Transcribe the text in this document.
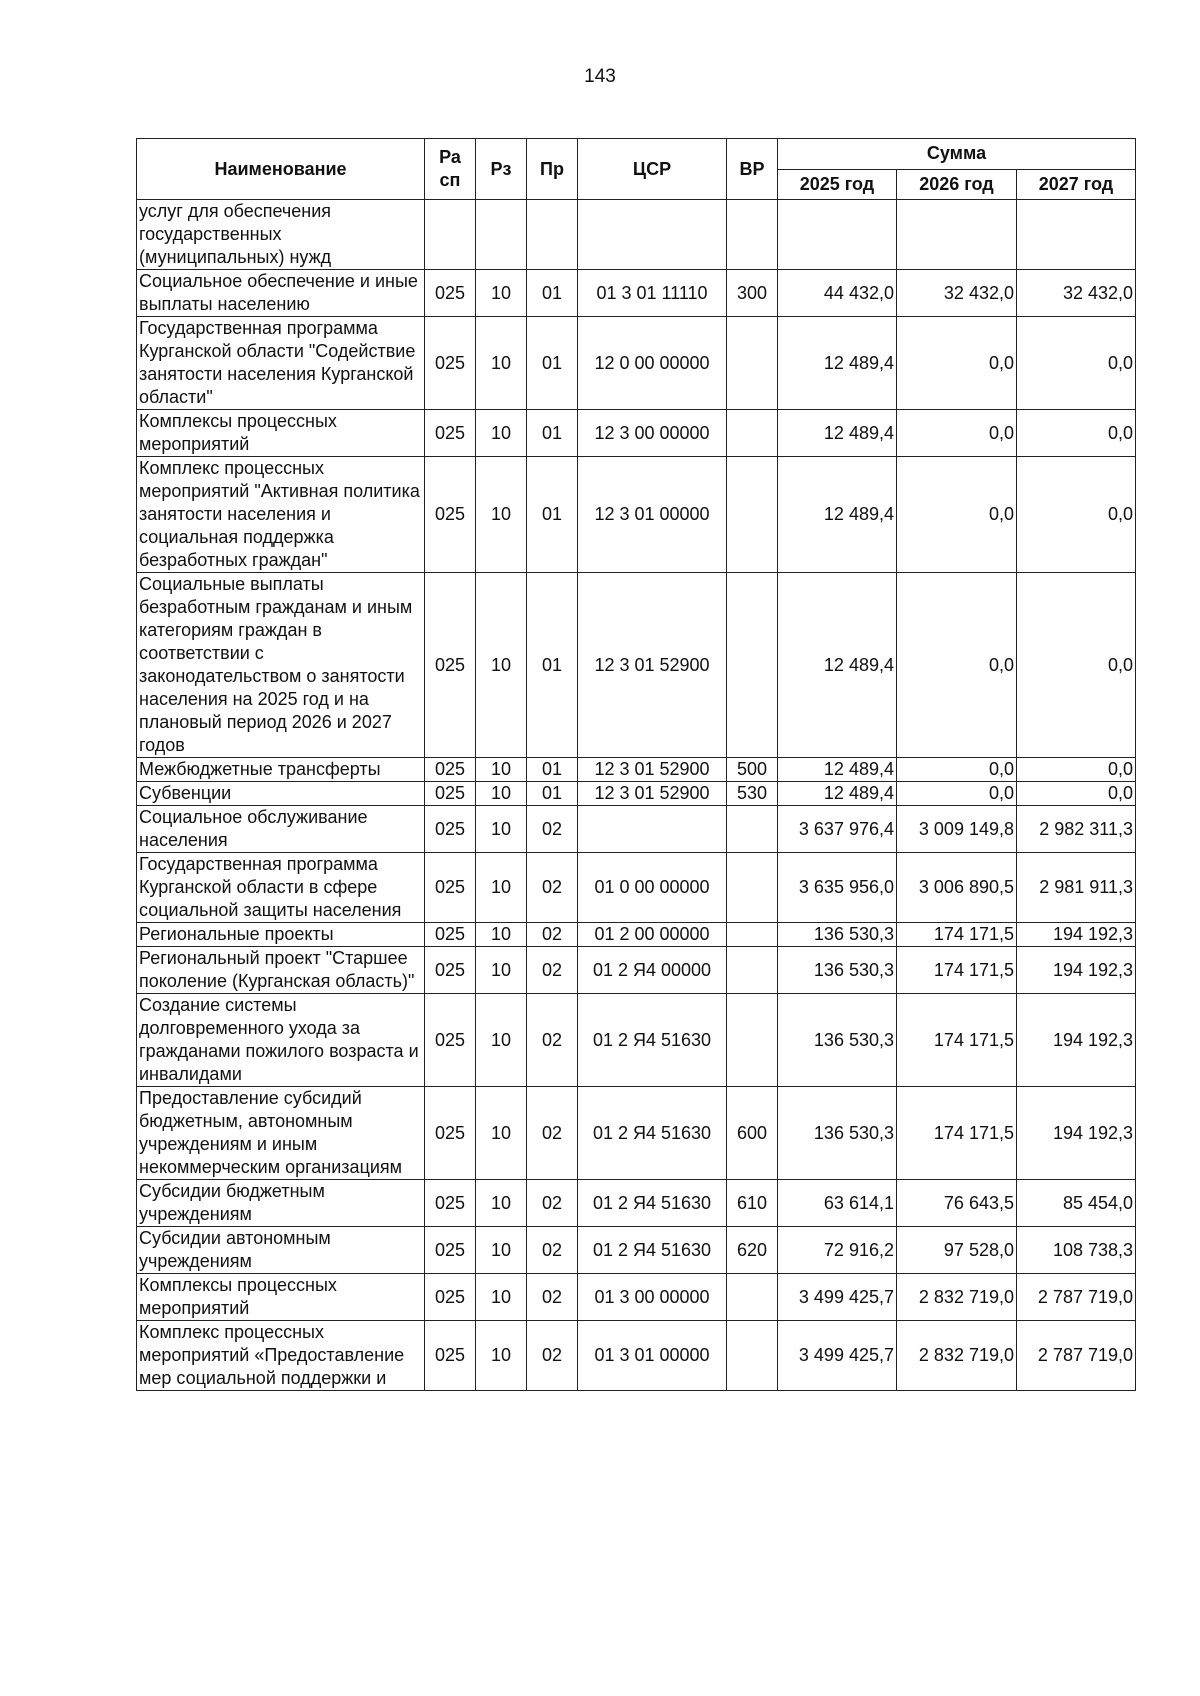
143
Наименование	Ра сп	Рз	Пр	ЦСР	ВР	Сумма		
						2025 год	2026 год	2027 год
услуг для обеспечения государственных (муниципальных) нужд								
Социальное обеспечение и иные выплаты населению	025	10	01	01 3 01 11110	300	44 432,0	32 432,0	32 432,0
Государственная программа Курганской области "Содействие занятости населения Курганской области"	025	10	01	12 0 00 00000		12 489,4	0,0	0,0
Комплексы процессных мероприятий	025	10	01	12 3 00 00000		12 489,4	0,0	0,0
Комплекс процессных мероприятий "Активная политика занятости населения и социальная поддержка безработных граждан"	025	10	01	12 3 01 00000		12 489,4	0,0	0,0
Социальные выплаты безработным гражданам и иным категориям граждан в соответствии с законодательством о занятости населения на 2025 год и на плановый период 2026 и 2027 годов	025	10	01	12 3 01 52900		12 489,4	0,0	0,0
Межбюджетные трансферты	025	10	01	12 3 01 52900	500	12 489,4	0,0	0,0
Субвенции	025	10	01	12 3 01 52900	530	12 489,4	0,0	0,0
Социальное обслуживание населения	025	10	02			3 637 976,4	3 009 149,8	2 982 311,3
Государственная программа Курганской области в сфере социальной защиты населения	025	10	02	01 0 00 00000		3 635 956,0	3 006 890,5	2 981 911,3
Региональные проекты	025	10	02	01 2 00 00000		136 530,3	174 171,5	194 192,3
Региональный проект "Старшее поколение (Курганская область)"	025	10	02	01 2 Я4 00000		136 530,3	174 171,5	194 192,3
Создание системы долговременного ухода за гражданами пожилого возраста и инвалидами	025	10	02	01 2 Я4 51630		136 530,3	174 171,5	194 192,3
Предоставление субсидий бюджетным, автономным учреждениям и иным некоммерческим организациям	025	10	02	01 2 Я4 51630	600	136 530,3	174 171,5	194 192,3
Субсидии бюджетным учреждениям	025	10	02	01 2 Я4 51630	610	63 614,1	76 643,5	85 454,0
Субсидии автономным учреждениям	025	10	02	01 2 Я4 51630	620	72 916,2	97 528,0	108 738,3
Комплексы процессных мероприятий	025	10	02	01 3 00 00000		3 499 425,7	2 832 719,0	2 787 719,0
Комплекс процессных мероприятий «Предоставление мер социальной поддержки и	025	10	02	01 3 01 00000		3 499 425,7	2 832 719,0	2 787 719,0
